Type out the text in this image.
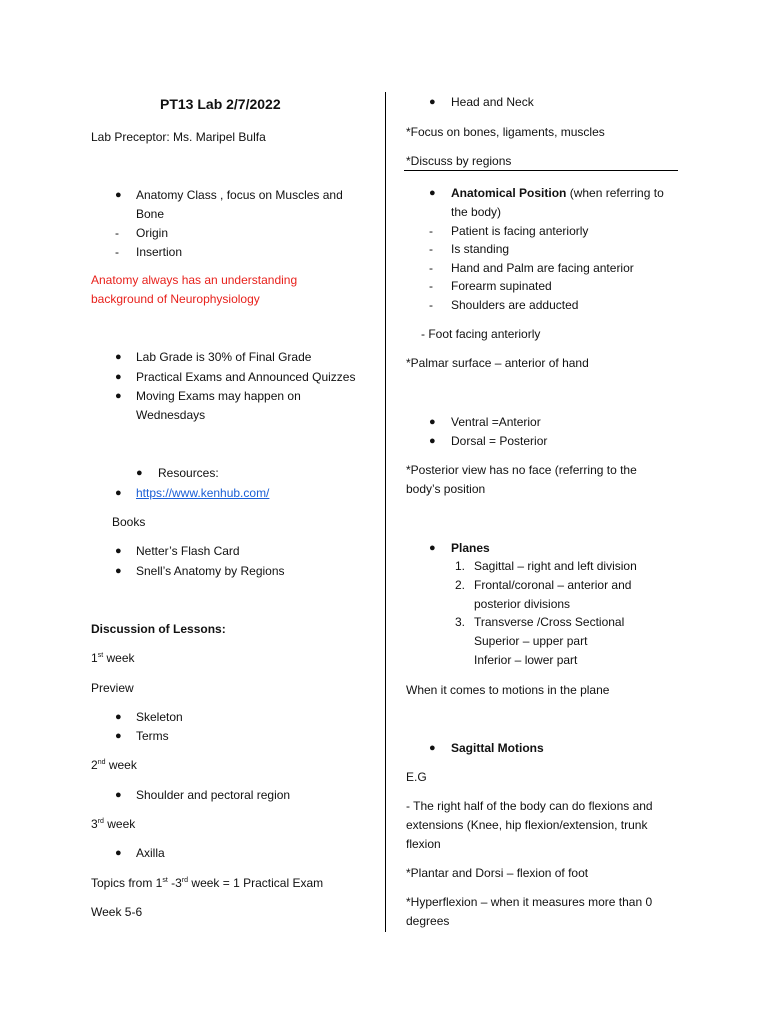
PT13 Lab 2/7/2022
Lab Preceptor: Ms. Maripel Bulfa
● Anatomy Class , focus on Muscles and
Bone
- Origin
- Insertion
Anatomy always has an understanding
background of Neurophysiology
● Lab Grade is 30% of Final Grade
● Practical Exams and Announced Quizzes
● Moving Exams may happen on
Wednesdays
● Resources:
● https://www.kenhub.com/
Books
● Netter’s Flash Card
● Snell’s Anatomy by Regions
Discussion of Lessons:
1st week
Preview
● Skeleton
● Terms
2nd week
● Shoulder and pectoral region
3rd week
● Axilla
Topics from 1st -3rd week = 1 Practical Exam
Week 5-6
● Head and Neck
*Focus on bones, ligaments, muscles
*Discuss by regions
● Anatomical Position (when referring to
the body)
- Patient is facing anteriorly
- Is standing
- Hand and Palm are facing anterior
- Forearm supinated
- Shoulders are adducted
- Foot facing anteriorly
*Palmar surface – anterior of hand
● Ventral =Anterior
● Dorsal = Posterior
*Posterior view has no face (referring to the
body’s position
● Planes
1. Sagittal – right and left division
2. Frontal/coronal – anterior and
posterior divisions
3. Transverse /Cross Sectional
Superior – upper part
Inferior – lower part
When it comes to motions in the plane
● Sagittal Motions
E.G
- The right half of the body can do flexions and
extensions (Knee, hip flexion/extension, trunk
flexion
*Plantar and Dorsi – flexion of foot
*Hyperflexion – when it measures more than 0
degrees
